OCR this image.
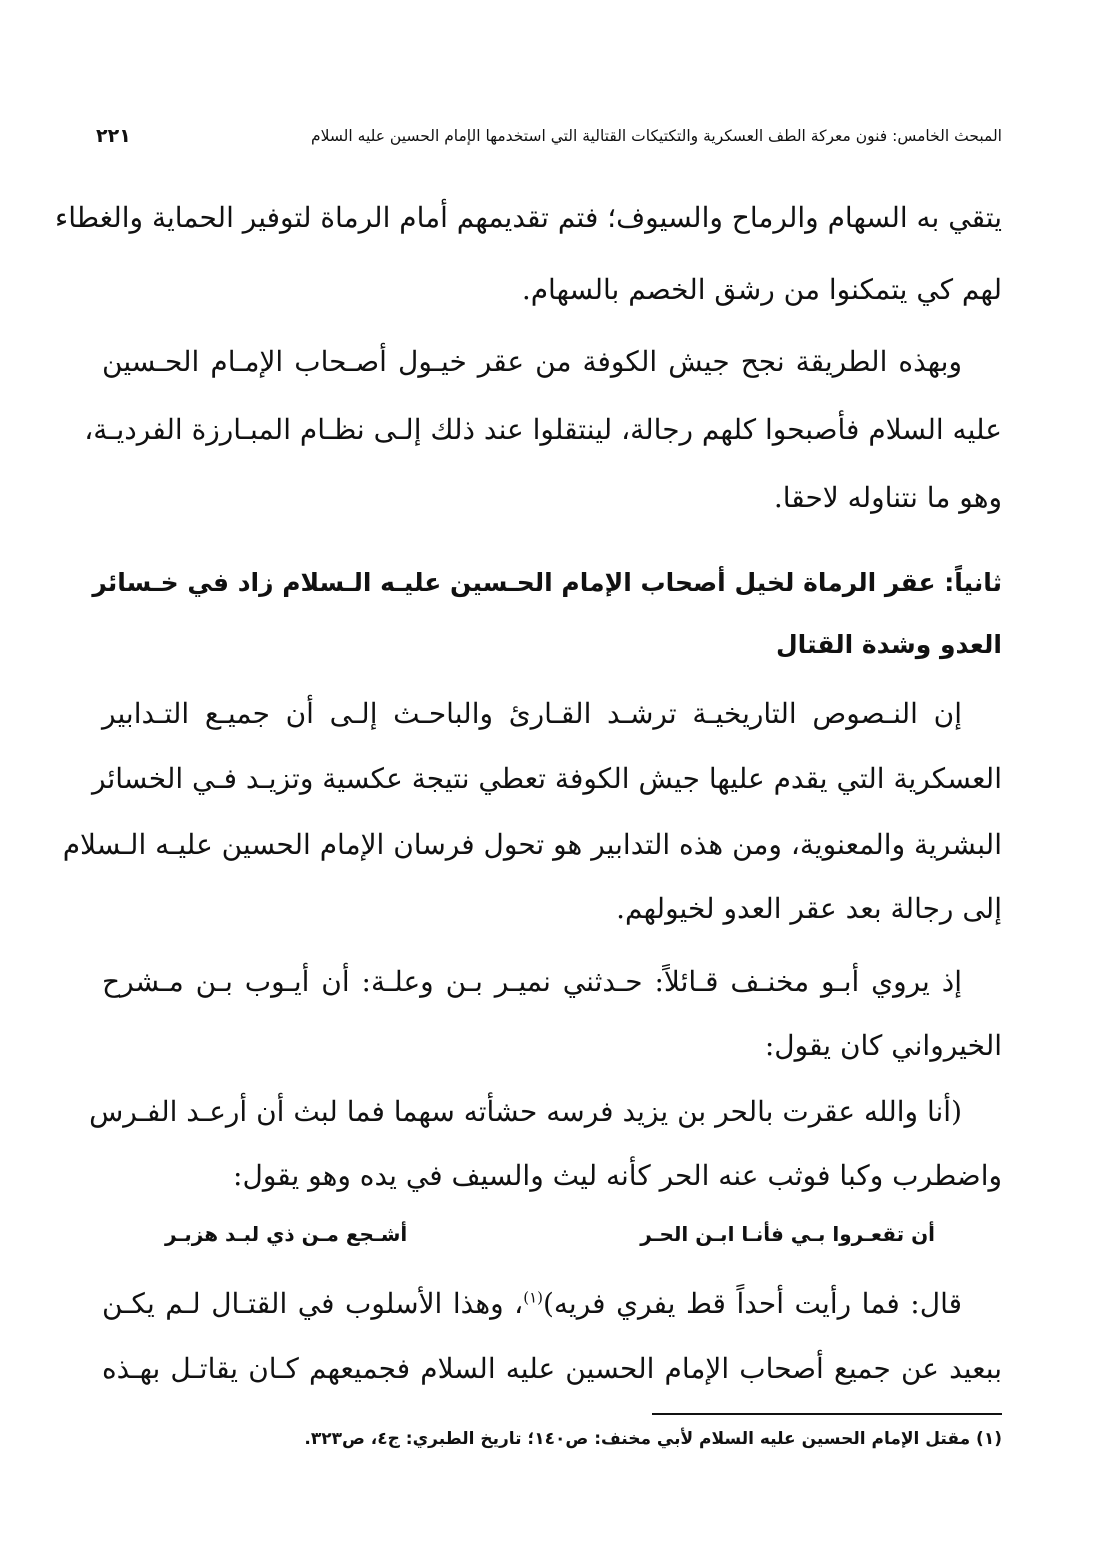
المبحث الخامس: فنون معركة الطف العسكرية والتكتيكات القتالية التي استخدمها الإمام الحسين عليه السلام
٢٢١
يتقي به السهام والرماح والسيوف؛ فتم تقديمهم أمام الرماة لتوفير الحماية والغطاء
لهم كي يتمكنوا من رشق الخصم بالسهام.
وبهذه الطريقة نجح جيش الكوفة من عقر خيـول أصـحاب الإمـام الحـسين
عليه السلام فأصبحوا كلهم رجالة، لينتقلوا عند ذلك إلـى نظـام المبـارزة الفرديـة،
وهو ما نتناوله لاحقا.
ثانياً: عقر الرماة لخيل أصحاب الإمام الحـسين عليـه الـسلام زاد في خـسائر
العدو وشدة القتال
إن النـصوص التاريخيـة ترشـد القـارئ والباحـث إلـى أن جميـع التـدابير
العسكرية التي يقدم عليها جيش الكوفة تعطي نتيجة عكسية وتزيـد فـي الخسائر
البشرية والمعنوية، ومن هذه التدابير هو تحول فرسان الإمام الحسين عليـه الـسلام
إلى رجالة بعد عقر العدو لخيولهم.
إذ يروي أبـو مخنـف قـائلاً: حـدثني نميـر بـن وعلـة: أن أيـوب بـن مـشرح
الخيرواني كان يقول:
(أنا والله عقرت بالحر بن يزيد فرسه حشأته سهما فما لبث أن أرعـد الفـرس
واضطرب وكبا فوثب عنه الحر كأنه ليث والسيف في يده وهو يقول:
أن تقعـروا بـي فأنـا ابـن الحـر
أشـجع مـن ذي لبـد هزبـر
قال: فما رأيت أحداً قط يفري فريه)$^{(١)}$، وهذا الأسلوب في القتـال لـم يكـن
ببعيد عن جميع أصحاب الإمام الحسين عليه السلام فجميعهم كـان يقاتـل بهـذه
(١) مقتل الإمام الحسين عليه السلام لأبي مخنف: ص١٤٠؛ تاريخ الطبري: ج٤، ص٣٢٣.
